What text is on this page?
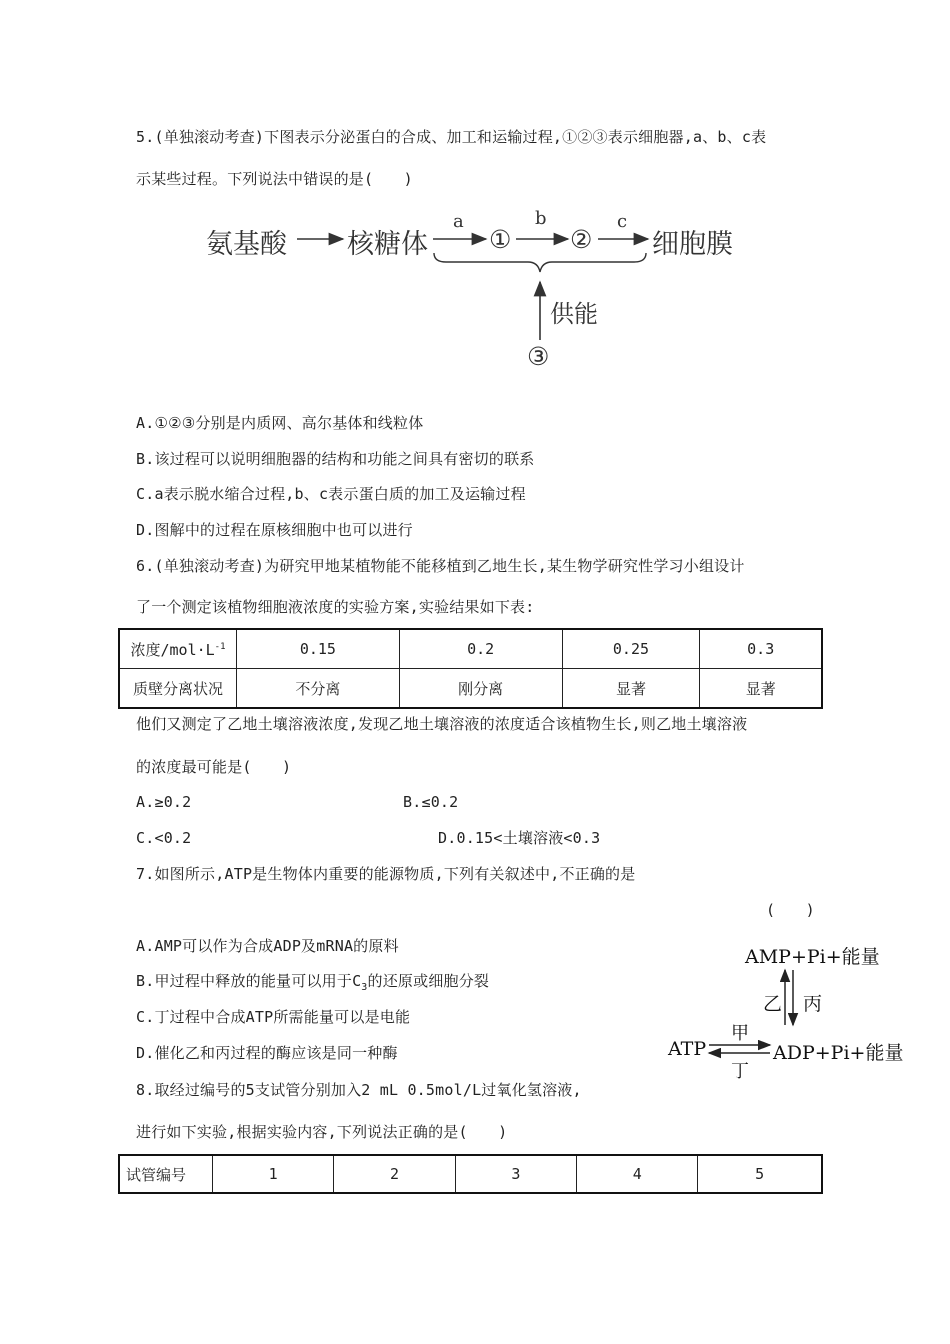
5.(单独滚动考查)下图表示分泌蛋白的合成、加工和运输过程,①②③表示细胞器,a、b、c表
示某些过程。下列说法中错误的是(　　)
氨基酸 核糖体
a
①
b
②
c
细胞膜
供能
③
A.①②③分别是内质网、高尔基体和线粒体
B.该过程可以说明细胞器的结构和功能之间具有密切的联系
C.a表示脱水缩合过程,b、c表示蛋白质的加工及运输过程
D.图解中的过程在原核细胞中也可以进行
6.(单独滚动考查)为研究甲地某植物能不能移植到乙地生长,某生物学研究性学习小组设计
了一个测定该植物细胞液浓度的实验方案,实验结果如下表:
浓度$/mol\cdot L^{-1}$	0.15	0.2	0.25	0.3
质壁分离状况	不分离	刚分离	显著	显著
他们又测定了乙地土壤溶液浓度,发现乙地土壤溶液的浓度适合该植物生长,则乙地土壤溶液
的浓度最可能是(　　)
A.≥0.2	B.≤0.2
C.<0.2	D.0.15<土壤溶液<0.3
7.如图所示,ATP是生物体内重要的能源物质,下列有关叙述中,不正确的是
(　　)
A.AMP可以作为合成ADP及mRNA的原料
B.甲过程中释放的能量可以用于$C_3$的还原或细胞分裂
C.丁过程中合成ATP所需能量可以是电能
D.催化乙和丙过程的酶应该是同一种酶
AMP+Pi+能量
乙 丙
甲
ATP	ADP+Pi+能量
丁
8.取经过编号的5支试管分别加入2 mL 0.5mol/L过氧化氢溶液,
进行如下实验,根据实验内容,下列说法正确的是(　　)
试管编号	1	2	3	4	5
